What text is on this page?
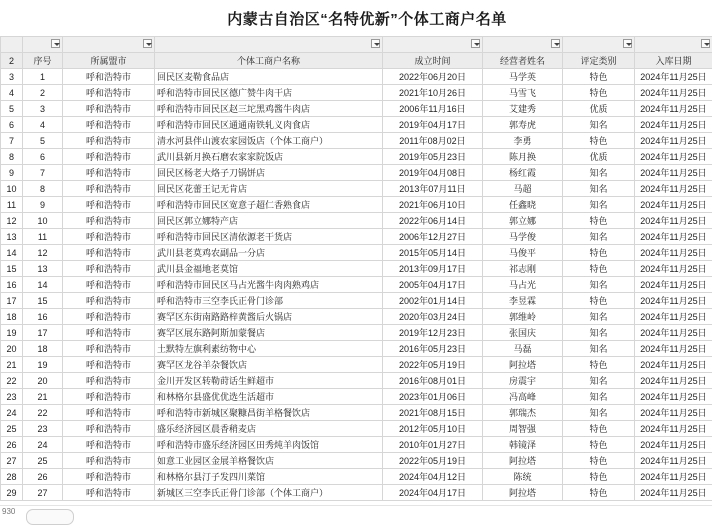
内蒙古自治区“名特优新”个体工商户名单

2	序号	所属盟市	个体工商户名称	成立时间	经营者姓名	评定类别	入库日期
3	1	呼和浩特市	回民区麦勒食品店	2022年06月20日	马学英	特色	2024年11月25日
4	2	呼和浩特市	呼和浩特市回民区德广赞牛肉干店	2021年10月26日	马雪飞	特色	2024年11月25日
5	3	呼和浩特市	呼和浩特市回民区赵三坨黑鸡酱牛肉店	2006年11月16日	艾建秀	优质	2024年11月25日
6	4	呼和浩特市	呼和浩特市回民区通通南铁轧义肉食店	2019年04月17日	郭寿虎	知名	2024年11月25日
7	5	呼和浩特市	清水河县伴山渡农家园饭店（个体工商户）	2011年08月02日	李勇	特色	2024年11月25日
8	6	呼和浩特市	武川县新月换石磨农家家院饭店	2019年05月23日	陈月换	优质	2024年11月25日
9	7	呼和浩特市	回民区杨老大烙子刀锅饼店	2019年04月08日	杨红霞	知名	2024年11月25日
10	8	呼和浩特市	回民区花蕾王记无肯店	2013年07月11日	马超	知名	2024年11月25日
11	9	呼和浩特市	呼和浩特市回民区宽意子超仁香熟食店	2021年06月10日	任鑫晓	知名	2024年11月25日
12	10	呼和浩特市	回民区郭立娜特产店	2022年06月14日	郭立娜	特色	2024年11月25日
13	11	呼和浩特市	呼和浩特市回民区清依源老干货店	2006年12月27日	马学俊	知名	2024年11月25日
14	12	呼和浩特市	武川县老莫鸡农副品一分店	2015年05月14日	马俊平	特色	2024年11月25日
15	13	呼和浩特市	武川县金福地老莫馆	2013年09月17日	祁志刚	特色	2024年11月25日
16	14	呼和浩特市	呼和浩特市回民区马占光酱牛肉肉熟鸡店	2005年04月17日	马占光	知名	2024年11月25日
17	15	呼和浩特市	呼和浩特市三空李氏正骨门诊部	2002年01月14日	李昱霖	特色	2024年11月25日
18	16	呼和浩特市	赛罕区东街南路路梓黄酱后火锅店	2020年03月24日	郭维岭	知名	2024年11月25日
19	17	呼和浩特市	赛罕区展东路阿斯加蒙餐店	2019年12月23日	张国庆	知名	2024年11月25日
20	18	呼和浩特市	土默特左旗利素纺物中心	2016年05月23日	马磊	知名	2024年11月25日
21	19	呼和浩特市	赛罕区龙谷羊杂餐饮店	2022年05月19日	阿拉塔	特色	2024年11月25日
22	20	呼和浩特市	金川开发区转勒莳话生鲜超市	2016年08月01日	房震宇	知名	2024年11月25日
23	21	呼和浩特市	和林格尔县盛优优选生活超市	2023年01月06日	冯高峰	知名	2024年11月25日
24	22	呼和浩特市	呼和浩特市新城区聚糠昌街羊格餐饮店	2021年08月15日	郭瑞杰	知名	2024年11月25日
25	23	呼和浩特市	盛乐经济园区晨香稍麦店	2012年05月10日	周智强	特色	2024年11月25日
26	24	呼和浩特市	呼和浩特市盛乐经济园区田秀炖羊肉饭馆	2010年01月27日	韩镜泽	特色	2024年11月25日
27	25	呼和浩特市	如意工业园区金展羊格餐饮店	2022年05月19日	阿拉塔	特色	2024年11月25日
28	26	呼和浩特市	和林格尔县汀子发四川菜馆	2024年04月12日	陈统	特色	2024年11月25日
29	27	呼和浩特市	新城区三空李氏正骨门诊部（个体工商户）	2024年04月17日	阿拉塔	特色	2024年11月25日
930
